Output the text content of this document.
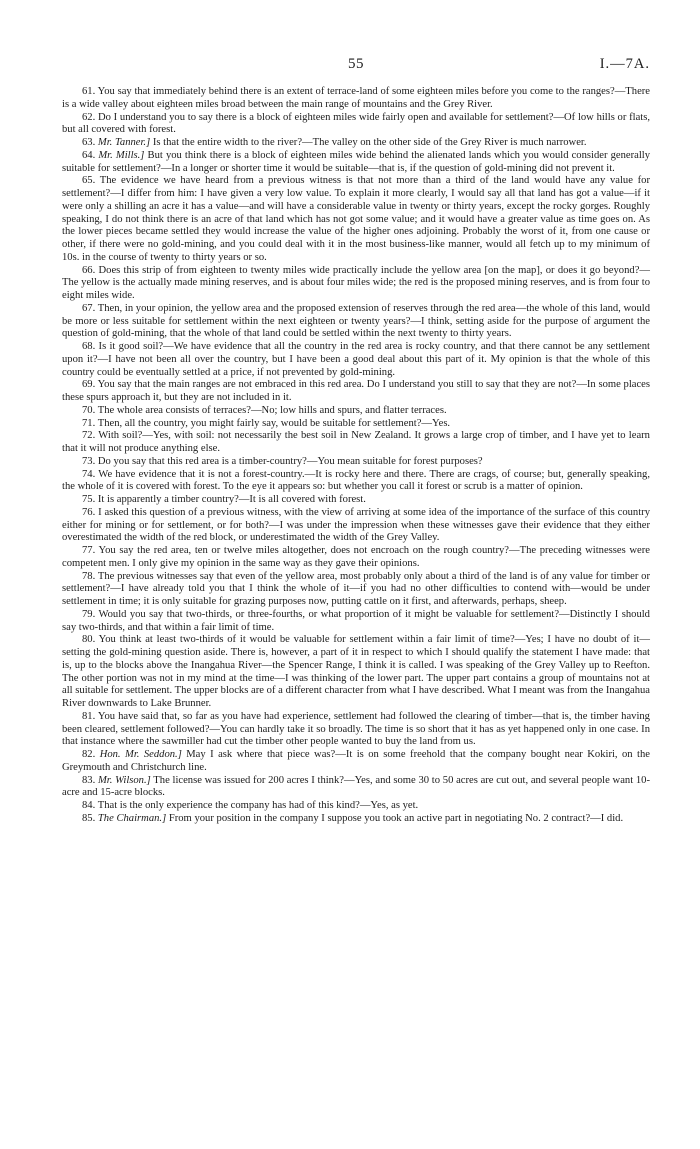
55	I.—7A.

61. You say that immediately behind there is an extent of terrace-land of some eighteen miles before you come to the ranges?—There is a wide valley about eighteen miles broad between the main range of mountains and the Grey River.

62. Do I understand you to say there is a block of eighteen miles wide fairly open and available for settlement?—Of low hills or flats, but all covered with forest.

63. Mr. Tanner.] Is that the entire width to the river?—The valley on the other side of the Grey River is much narrower.

64. Mr. Mills.] But you think there is a block of eighteen miles wide behind the alienated lands which you would consider generally suitable for settlement?—In a longer or shorter time it would be suitable—that is, if the question of gold-mining did not prevent it.

65. The evidence we have heard from a previous witness is that not more than a third of the land would have any value for settlement?—I differ from him: I have given a very low value. To explain it more clearly, I would say all that land has got a value—if it were only a shilling an acre it has a value—and will have a considerable value in twenty or thirty years, except the rocky gorges. Roughly speaking, I do not think there is an acre of that land which has not got some value; and it would have a greater value as time goes on. As the lower pieces became settled they would increase the value of the higher ones adjoining. Probably the worst of it, from one cause or other, if there were no gold-mining, and you could deal with it in the most business-like manner, would all fetch up to my minimum of 10s. in the course of twenty to thirty years or so.

66. Does this strip of from eighteen to twenty miles wide practically include the yellow area [on the map], or does it go beyond?—The yellow is the actually made mining reserves, and is about four miles wide; the red is the proposed mining reserves, and is from four to eight miles wide.

67. Then, in your opinion, the yellow area and the proposed extension of reserves through the red area—the whole of this land, would be more or less suitable for settlement within the next eighteen or twenty years?—I think, setting aside for the purpose of argument the question of gold-mining, that the whole of that land could be settled within the next twenty to thirty years.

68. Is it good soil?—We have evidence that all the country in the red area is rocky country, and that there cannot be any settlement upon it?—I have not been all over the country, but I have been a good deal about this part of it. My opinion is that the whole of this country could be eventually settled at a price, if not prevented by gold-mining.

69. You say that the main ranges are not embraced in this red area. Do I understand you still to say that they are not?—In some places these spurs approach it, but they are not included in it.

70. The whole area consists of terraces?—No; low hills and spurs, and flatter terraces.

71. Then, all the country, you might fairly say, would be suitable for settlement?—Yes.

72. With soil?—Yes, with soil: not necessarily the best soil in New Zealand. It grows a large crop of timber, and I have yet to learn that it will not produce anything else.

73. Do you say that this red area is a timber-country?—You mean suitable for forest purposes?

74. We have evidence that it is not a forest-country.—It is rocky here and there. There are crags, of course; but, generally speaking, the whole of it is covered with forest. To the eye it appears so: but whether you call it forest or scrub is a matter of opinion.

75. It is apparently a timber country?—It is all covered with forest.

76. I asked this question of a previous witness, with the view of arriving at some idea of the importance of the surface of this country either for mining or for settlement, or for both?—I was under the impression when these witnesses gave their evidence that they either overestimated the width of the red block, or underestimated the width of the Grey Valley.

77. You say the red area, ten or twelve miles altogether, does not encroach on the rough country?—The preceding witnesses were competent men. I only give my opinion in the same way as they gave their opinions.

78. The previous witnesses say that even of the yellow area, most probably only about a third of the land is of any value for timber or settlement?—I have already told you that I think the whole of it—if you had no other difficulties to contend with—would be under settlement in time; it is only suitable for grazing purposes now, putting cattle on it first, and afterwards, perhaps, sheep.

79. Would you say that two-thirds, or three-fourths, or what proportion of it might be valuable for settlement?—Distinctly I should say two-thirds, and that within a fair limit of time.

80. You think at least two-thirds of it would be valuable for settlement within a fair limit of time?—Yes; I have no doubt of it—setting the gold-mining question aside. There is, however, a part of it in respect to which I should qualify the statement I have made: that is, up to the blocks above the Inangahua River—the Spencer Range, I think it is called. I was speaking of the Grey Valley up to Reefton. The other portion was not in my mind at the time—I was thinking of the lower part. The upper part contains a group of mountains not at all suitable for settlement. The upper blocks are of a different character from what I have described. What I meant was from the Inangahua River downwards to Lake Brunner.

81. You have said that, so far as you have had experience, settlement had followed the clearing of timber—that is, the timber having been cleared, settlement followed?—You can hardly take it so broadly. The time is so short that it has as yet happened only in one case. In that instance where the sawmiller had cut the timber other people wanted to buy the land from us.

82. Hon. Mr. Seddon.] May I ask where that piece was?—It is on some freehold that the company bought near Kokiri, on the Greymouth and Christchurch line.

83. Mr. Wilson.] The license was issued for 200 acres I think?—Yes, and some 30 to 50 acres are cut out, and several people want 10-acre and 15-acre blocks.

84. That is the only experience the company has had of this kind?—Yes, as yet.

85. The Chairman.] From your position in the company I suppose you took an active part in negotiating No. 2 contract?—I did.
